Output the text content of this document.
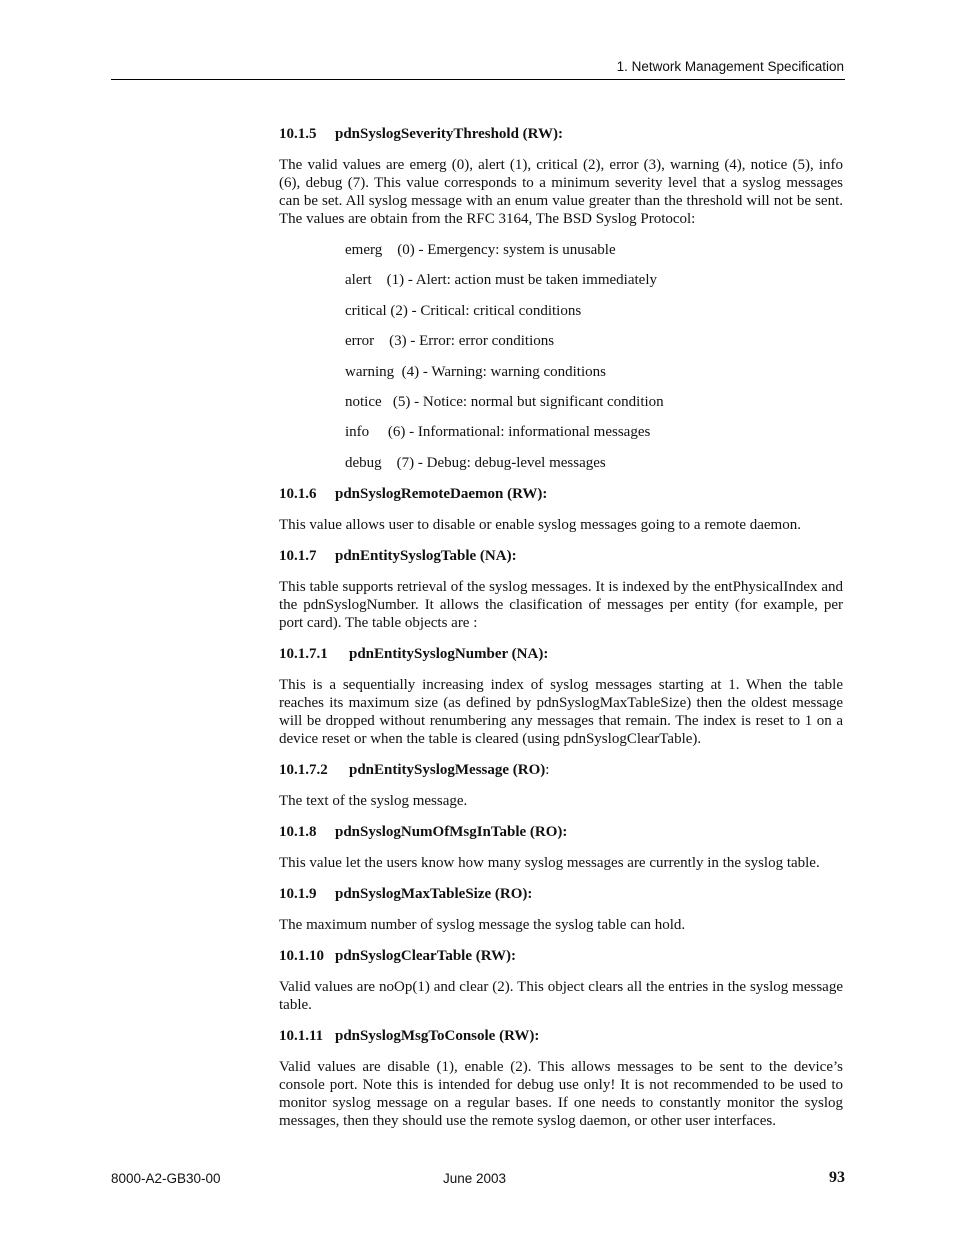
1. Network Management Specification
10.1.5 pdnSyslogSeverityThreshold (RW):

The valid values are emerg (0), alert (1), critical (2), error (3), warning (4), notice (5), info (6), debug (7). This value corresponds to a minimum severity level that a syslog messages can be set. All syslog message with an enum value greater than the threshold will not be sent. The values are obtain from the RFC 3164, The BSD Syslog Protocol:

emerg    (0) - Emergency: system is unusable
alert    (1) - Alert: action must be taken immediately
critical (2) - Critical: critical conditions
error    (3) - Error: error conditions
warning  (4) - Warning: warning conditions
notice   (5) - Notice: normal but significant condition
info     (6) - Informational: informational messages
debug    (7) - Debug: debug-level messages
10.1.6 pdnSyslogRemoteDaemon (RW):

This value allows user to disable or enable syslog messages going to a remote daemon.

10.1.7 pdnEntitySyslogTable (NA):

This table supports retrieval of the syslog messages. It is indexed by the entPhysicalIndex and the pdnSyslogNumber. It allows the clasification of messages per entity (for example, per port card). The table objects are :

10.1.7.1 pdnEntitySyslogNumber (NA):

This is a sequentially increasing index of syslog messages starting at 1. When the table reaches its maximum size (as defined by pdnSyslogMaxTableSize) then the oldest message will be dropped without renumbering any messages that remain. The index is reset to 1 on a device reset or when the table is cleared (using pdnSyslogClearTable).

10.1.7.2 pdnEntitySyslogMessage (RO):

The text of the syslog message.

10.1.8 pdnSyslogNumOfMsgInTable (RO):

This value let the users know how many syslog messages are currently in the syslog table.

10.1.9 pdnSyslogMaxTableSize (RO):

The maximum number of syslog message the syslog table can hold.

10.1.10 pdnSyslogClearTable (RW):

Valid values are noOp(1) and clear (2). This object clears all the entries in the syslog message table.

10.1.11 pdnSyslogMsgToConsole (RW):

Valid values are disable (1), enable (2). This allows messages to be sent to the device’s console port. Note this is intended for debug use only! It is not recommended to be used to monitor syslog message on a regular bases. If one needs to constantly monitor the syslog messages, then they should use the remote syslog daemon, or other user interfaces.

8000-A2-GB30-00	June 2003	93
